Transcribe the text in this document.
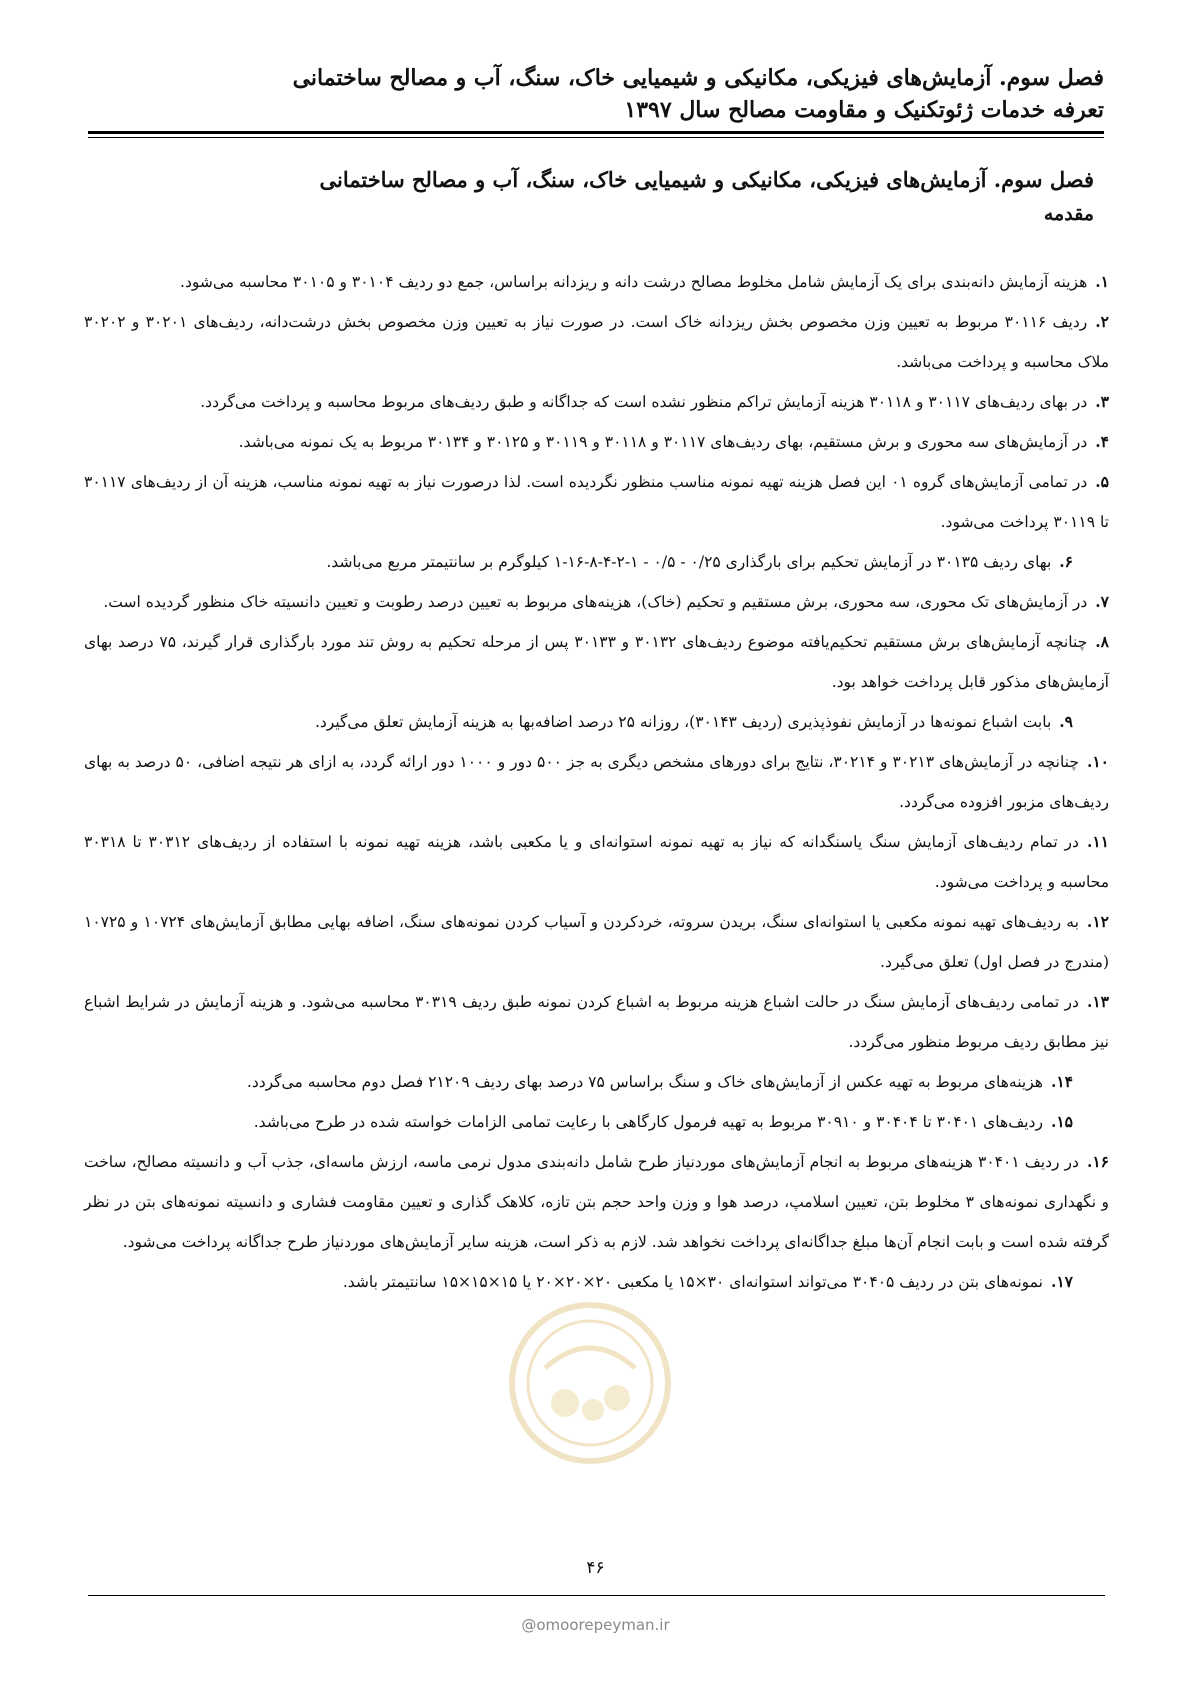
فصل سوم. آزمایش‌های فیزیکی، مکانیکی و شیمیایی خاک، سنگ، آب و مصالح ساختمانی
تعرفه خدمات ژئوتکنیک و مقاومت مصالح سال ۱۳۹۷
فصل سوم. آزمایش‌های فیزیکی، مکانیکی و شیمیایی خاک، سنگ، آب و مصالح ساختمانی
مقدمه
۱.هزینه آزمایش دانه‌بندی برای یک آزمایش شامل مخلوط مصالح درشت دانه و ریزدانه براساس، جمع دو ردیف ۳۰۱۰۴ و ۳۰۱۰۵ محاسبه می‌شود.
۲.ردیف ۳۰۱۱۶ مربوط به تعیین وزن مخصوص بخش ریزدانه خاک است. در صورت نیاز به تعیین وزن مخصوص بخش درشت‌دانه، ردیف‌های ۳۰۲۰۱ و ۳۰۲۰۲ ملاک محاسبه و پرداخت می‌باشد.
۳.در بهای ردیف‌های ۳۰۱۱۷ و ۳۰۱۱۸ هزینه آزمایش تراکم منظور نشده است که جداگانه و طبق ردیف‌های مربوط محاسبه و پرداخت می‌گردد.
۴.در آزمایش‌های سه محوری و برش مستقیم، بهای ردیف‌های ۳۰۱۱۷ و ۳۰۱۱۸ و ۳۰۱۱۹ و ۳۰۱۲۵ و ۳۰۱۳۴ مربوط به یک نمونه می‌باشد.
۵.در تمامی آزمایش‌های گروه ۰۱ این فصل هزینه تهیه نمونه مناسب منظور نگردیده است. لذا درصورت نیاز به تهیه نمونه مناسب، هزینه آن از ردیف‌های ۳۰۱۱۷ تا ۳۰۱۱۹ پرداخت می‌شود.
۶.بهای ردیف ۳۰۱۳۵ در آزمایش تحکیم برای بارگذاری ۰/۲۵ - ۰/۵ - ۱-۲-۴-۸-۱۶-۱ کیلوگرم بر سانتیمتر مربع می‌باشد.
۷.در آزمایش‌های تک محوری، سه محوری، برش مستقیم و تحکیم (خاک)، هزینه‌های مربوط به تعیین درصد رطوبت و تعیین دانسیته خاک منظور گردیده است.
۸.چنانچه آزمایش‌های برش مستقیم تحکیم‌یافته موضوع ردیف‌های ۳۰۱۳۲ و ۳۰۱۳۳ پس از مرحله تحکیم به روش تند مورد بارگذاری قرار گیرند، ۷۵ درصد بهای آزمایش‌های مذکور قابل پرداخت خواهد بود.
۹.بابت اشباع نمونه‌ها در آزمایش نفوذپذیری (ردیف ۳۰۱۴۳)، روزانه ۲۵ درصد اضافه‌بها به هزینه آزمایش تعلق می‌گیرد.
۱۰.چنانچه در آزمایش‌های ۳۰۲۱۳ و ۳۰۲۱۴، نتایج برای دورهای مشخص دیگری به جز ۵۰۰ دور و ۱۰۰۰ دور ارائه گردد، به ازای هر نتیجه اضافی، ۵۰ درصد به بهای ردیف‌های مزبور افزوده می‌گردد.
۱۱.در تمام ردیف‌های آزمایش سنگ یاسنگدانه که نیاز به تهیه نمونه استوانه‌ای و یا مکعبی باشد، هزینه تهیه نمونه با استفاده از ردیف‌های ۳۰۳۱۲ تا ۳۰۳۱۸ محاسبه و پرداخت می‌شود.
۱۲.به ردیف‌های تهیه نمونه مکعبی یا استوانه‌ای سنگ، بریدن سروته، خردکردن و آسیاب کردن نمونه‌های سنگ، اضافه بهایی مطابق آزمایش‌های ۱۰۷۲۴ و ۱۰۷۲۵ (مندرج در فصل اول) تعلق می‌گیرد.
۱۳.در تمامی ردیف‌های آزمایش سنگ در حالت اشباع هزینه مربوط به اشباع کردن نمونه طبق ردیف ۳۰۳۱۹ محاسبه می‌شود. و هزینه آزمایش در شرایط اشباع نیز مطابق ردیف مربوط منظور می‌گردد.
۱۴.هزینه‌های مربوط به تهیه عکس از آزمایش‌های خاک و سنگ براساس ۷۵ درصد بهای ردیف ۲۱۲۰۹ فصل دوم محاسبه می‌گردد.
۱۵.ردیف‌های ۳۰۴۰۱ تا ۳۰۴۰۴ و ۳۰۹۱۰ مربوط به تهیه فرمول کارگاهی با رعایت تمامی الزامات خواسته شده در طرح می‌باشد.
۱۶.در ردیف ۳۰۴۰۱ هزینه‌های مربوط به انجام آزمایش‌های موردنیاز طرح شامل دانه‌بندی مدول نرمی ماسه، ارزش ماسه‌ای، جذب آب و دانسیته مصالح، ساخت و نگهداری نمونه‌های ۳ مخلوط بتن، تعیین اسلامپ، درصد هوا و وزن واحد حجم بتن تازه، کلاهک گذاری و تعیین مقاومت فشاری و دانسیته نمونه‌های بتن در نظر گرفته شده است و بابت انجام آن‌ها مبلغ جداگانه‌ای پرداخت نخواهد شد. لازم به ذکر است، هزینه سایر آزمایش‌های موردنیاز طرح جداگانه پرداخت می‌شود.
۱۷.نمونه‌های بتن در ردیف ۳۰۴۰۵ می‌تواند استوانه‌ای ۳۰×۱۵ یا مکعبی ۲۰×۲۰×۲۰ یا ۱۵×۱۵×۱۵ سانتیمتر باشد.
۴۶
@omoorepeyman.ir
